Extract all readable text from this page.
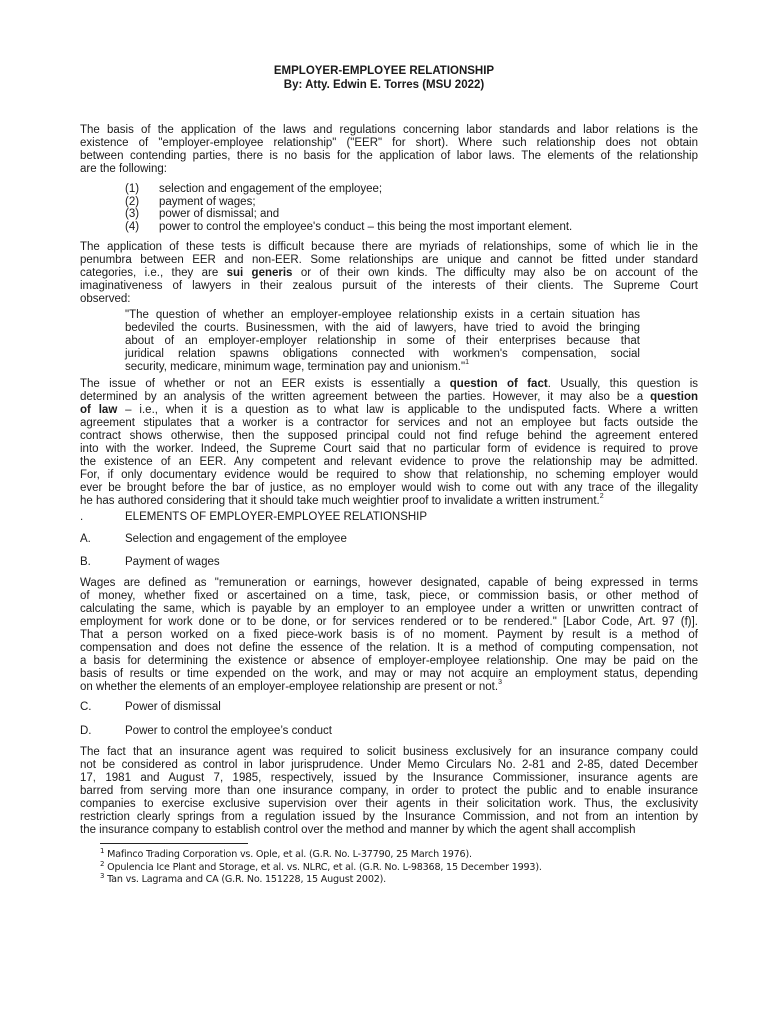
EMPLOYER-EMPLOYEE RELATIONSHIP
By: Atty. Edwin E. Torres (MSU 2022)
The basis of the application of the laws and regulations concerning labor standards and labor relations is the
existence of "employer-employee relationship" ("EER" for short). Where such relationship does not obtain
between contending parties, there is no basis for the application of labor laws. The elements of the relationship
are the following:
(1)	selection and engagement of the employee;
(2)	payment of wages;
(3)	power of dismissal; and
(4)	power to control the employee's conduct – this being the most important element.
The application of these tests is difficult because there are myriads of relationships, some of which lie in the
penumbra between EER and non-EER. Some relationships are unique and cannot be fitted under standard
categories, i.e., they are sui generis or of their own kinds. The difficulty may also be on account of the
imaginativeness of lawyers in their zealous pursuit of the interests of their clients. The Supreme Court
observed:
"The question of whether an employer-employee relationship exists in a certain situation has
bedeviled the courts. Businessmen, with the aid of lawyers, have tried to avoid the bringing
about of an employer-employer relationship in some of their enterprises because that
juridical relation spawns obligations connected with workmen's compensation, social
security, medicare, minimum wage, termination pay and unionism."$^1$
The issue of whether or not an EER exists is essentially a question of fact. Usually, this question is
determined by an analysis of the written agreement between the parties. However, it may also be a question
of law – i.e., when it is a question as to what law is applicable to the undisputed facts. Where a written
agreement stipulates that a worker is a contractor for services and not an employee but facts outside the
contract shows otherwise, then the supposed principal could not find refuge behind the agreement entered
into with the worker. Indeed, the Supreme Court said that no particular form of evidence is required to prove
the existence of an EER. Any competent and relevant evidence to prove the relationship may be admitted.
For, if only documentary evidence would be required to show that relationship, no scheming employer would
ever be brought before the bar of justice, as no employer would wish to come out with any trace of the illegality
he has authored considering that it should take much weightier proof to invalidate a written instrument.$^2$
.	ELEMENTS OF EMPLOYER-EMPLOYEE RELATIONSHIP
A.	Selection and engagement of the employee
B.	Payment of wages
Wages are defined as "remuneration or earnings, however designated, capable of being expressed in terms
of money, whether fixed or ascertained on a time, task, piece, or commission basis, or other method of
calculating the same, which is payable by an employer to an employee under a written or unwritten contract of
employment for work done or to be done, or for services rendered or to be rendered." [Labor Code, Art. 97 (f)].
That a person worked on a fixed piece-work basis is of no moment. Payment by result is a method of
compensation and does not define the essence of the relation. It is a method of computing compensation, not
a basis for determining the existence or absence of employer-employee relationship. One may be paid on the
basis of results or time expended on the work, and may or may not acquire an employment status, depending
on whether the elements of an employer-employee relationship are present or not.$^3$
C.	Power of dismissal
D.	Power to control the employee’s conduct
The fact that an insurance agent was required to solicit business exclusively for an insurance company could
not be considered as control in labor jurisprudence. Under Memo Circulars No. 2-81 and 2-85, dated December
17, 1981 and August 7, 1985, respectively, issued by the Insurance Commissioner, insurance agents are
barred from serving more than one insurance company, in order to protect the public and to enable insurance
companies to exercise exclusive supervision over their agents in their solicitation work. Thus, the exclusivity
restriction clearly springs from a regulation issued by the Insurance Commission, and not from an intention by
the insurance company to establish control over the method and manner by which the agent shall accomplish
$^1$ Mafinco Trading Corporation vs. Ople, et al. (G.R. No. L-37790, 25 March 1976).
$^2$ Opulencia Ice Plant and Storage, et al. vs. NLRC, et al. (G.R. No. L-98368, 15 December 1993).
$^3$ Tan vs. Lagrama and CA (G.R. No. 151228, 15 August 2002).
